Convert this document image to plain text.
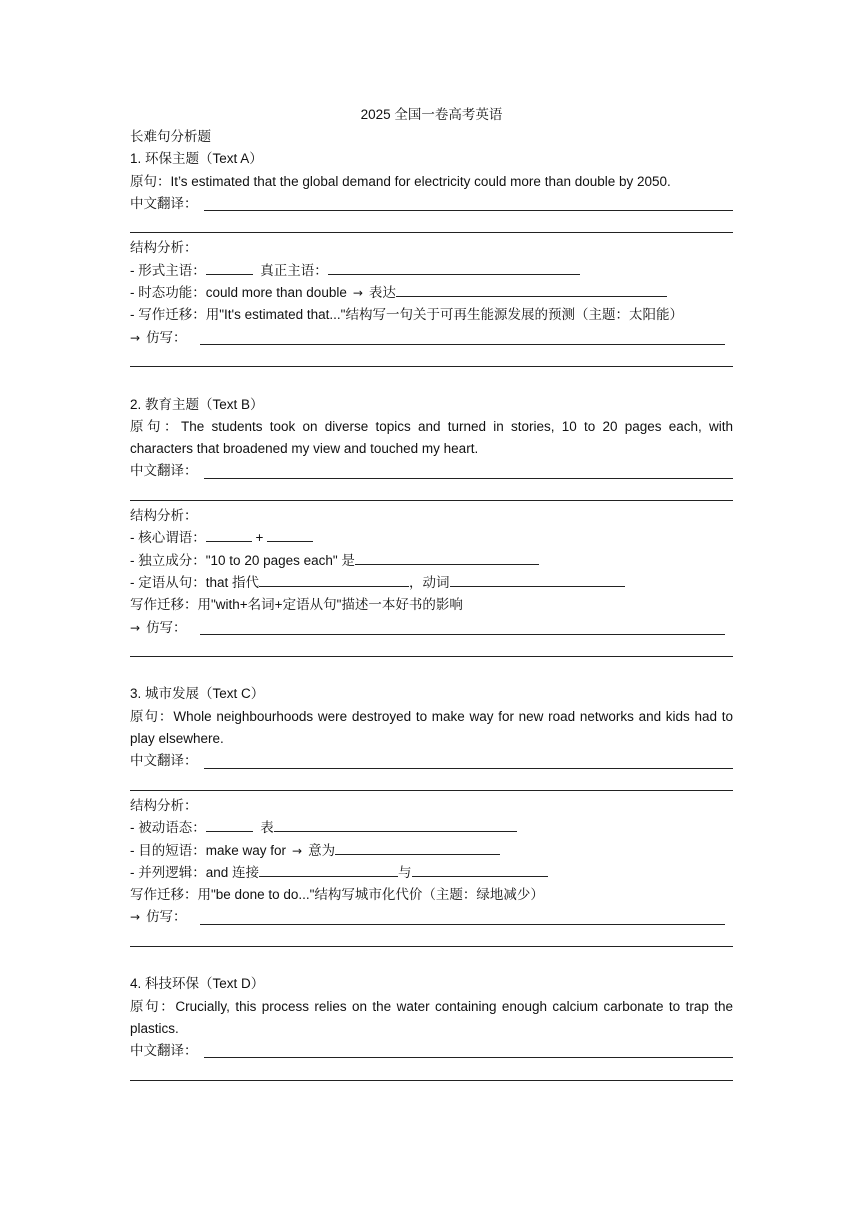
2025 全国一卷高考英语
长难句分析题
1. 环保主题（Text A）
原句：It’s estimated that the global demand for electricity could more than double by 2050.
中文翻译：
结构分析：
- 形式主语：	真正主语：
- 时态功能：could more than double → 表达
- 写作迁移：用"It's estimated that..."结构写一句关于可再生能源发展的预测（主题：太阳能）
→ 仿写：
2. 教育主题（Text B）
原句：The students took on diverse topics and turned in stories, 10 to 20 pages each, with characters that broadened my view and touched my heart.
中文翻译：
结构分析：
- 核心谓语：	+
- 独立成分："10 to 20 pages each" 是
- 定语从句：that 指代	，动词
写作迁移：用"with+名词+定语从句"描述一本好书的影响
→ 仿写：
3. 城市发展（Text C）
原句：Whole neighbourhoods were destroyed to make way for new road networks and kids had to play elsewhere.
中文翻译：
结构分析：
- 被动语态：	表
- 目的短语：make way for → 意为
- 并列逻辑：and 连接	与
写作迁移：用"be done to do..."结构写城市化代价（主题：绿地减少）
→ 仿写：
4. 科技环保（Text D）
原句：Crucially, this process relies on the water containing enough calcium carbonate to trap the plastics.
中文翻译：
